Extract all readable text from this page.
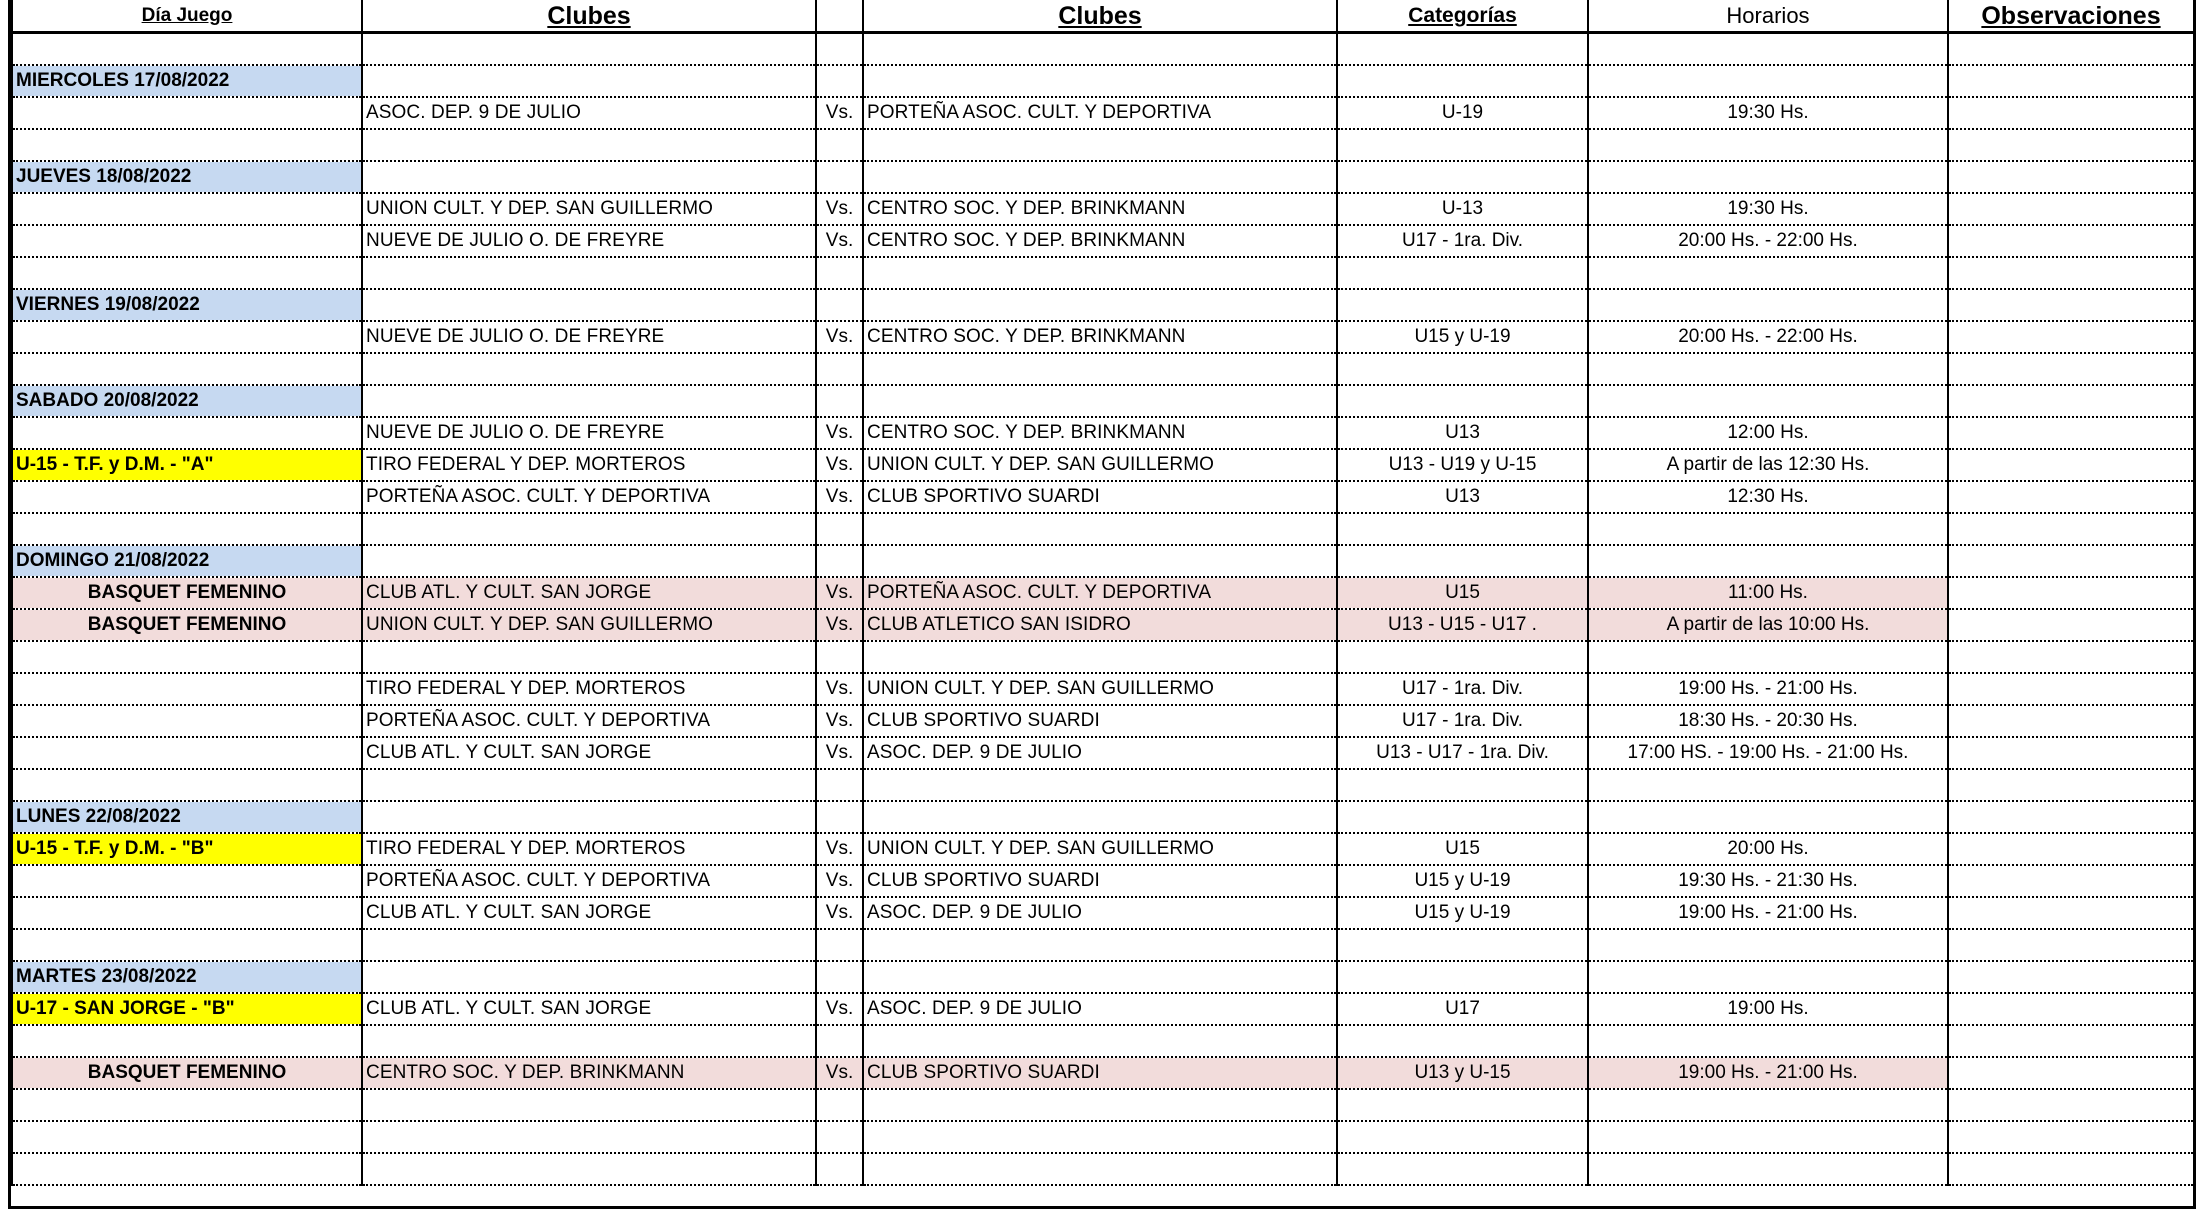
Día Juego	Clubes		Clubes	Categorías	Horarios	Observaciones

MIERCOLES 17/08/2022						
	ASOC. DEP. 9 DE JULIO	Vs.	PORTEÑA ASOC. CULT. Y DEPORTIVA	U-19	19:30 Hs.	

JUEVES 18/08/2022						
	UNION CULT. Y DEP. SAN GUILLERMO	Vs.	CENTRO SOC. Y DEP. BRINKMANN	U-13	19:30 Hs.	
	NUEVE DE JULIO O. DE FREYRE	Vs.	CENTRO SOC. Y DEP. BRINKMANN	U17 - 1ra. Div.	20:00 Hs. - 22:00 Hs.	

VIERNES 19/08/2022						
	NUEVE DE JULIO O. DE FREYRE	Vs.	CENTRO SOC. Y DEP. BRINKMANN	U15 y U-19	20:00 Hs. - 22:00 Hs.	

SABADO 20/08/2022						
	NUEVE DE JULIO O. DE FREYRE	Vs.	CENTRO SOC. Y DEP. BRINKMANN	U13	12:00 Hs.	
U-15 - T.F. y D.M. - "A"	TIRO FEDERAL Y DEP. MORTEROS	Vs.	UNION CULT. Y DEP. SAN GUILLERMO	U13 - U19 y U-15	A partir de las 12:30 Hs.	
	PORTEÑA ASOC. CULT. Y DEPORTIVA	Vs.	CLUB SPORTIVO SUARDI	U13	12:30 Hs.	

DOMINGO 21/08/2022						
BASQUET FEMENINO	CLUB ATL. Y CULT. SAN JORGE	Vs.	PORTEÑA ASOC. CULT. Y DEPORTIVA	U15	11:00 Hs.	
BASQUET FEMENINO	UNION CULT. Y DEP. SAN GUILLERMO	Vs.	CLUB ATLETICO SAN ISIDRO	U13 - U15 - U17 .	A partir de las 10:00 Hs.	

	TIRO FEDERAL Y DEP. MORTEROS	Vs.	UNION CULT. Y DEP. SAN GUILLERMO	U17 - 1ra. Div.	19:00 Hs. - 21:00 Hs.	
	PORTEÑA ASOC. CULT. Y DEPORTIVA	Vs.	CLUB SPORTIVO SUARDI	U17 - 1ra. Div.	18:30 Hs. - 20:30 Hs.	
	CLUB ATL. Y CULT. SAN JORGE	Vs.	ASOC. DEP. 9 DE JULIO	U13 - U17 - 1ra. Div.	17:00 HS. - 19:00 Hs. - 21:00 Hs.	

LUNES 22/08/2022						
U-15 - T.F. y D.M. - "B"	TIRO FEDERAL Y DEP. MORTEROS	Vs.	UNION CULT. Y DEP. SAN GUILLERMO	U15	20:00 Hs.	
	PORTEÑA ASOC. CULT. Y DEPORTIVA	Vs.	CLUB SPORTIVO SUARDI	U15 y U-19	19:30 Hs. - 21:30 Hs.	
	CLUB ATL. Y CULT. SAN JORGE	Vs.	ASOC. DEP. 9 DE JULIO	U15 y U-19	19:00 Hs. - 21:00 Hs.	

MARTES 23/08/2022						
U-17 - SAN JORGE - "B"	CLUB ATL. Y CULT. SAN JORGE	Vs.	ASOC. DEP. 9 DE JULIO	U17	19:00 Hs.	

BASQUET FEMENINO	CENTRO SOC. Y DEP. BRINKMANN	Vs.	CLUB SPORTIVO SUARDI	U13 y U-15	19:00 Hs. - 21:00 Hs.	
